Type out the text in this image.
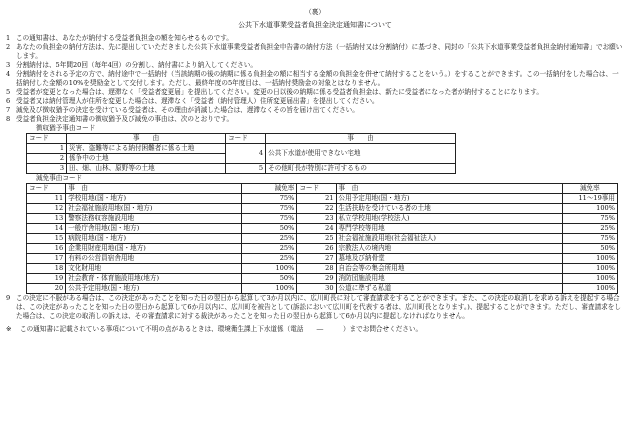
（裏）
公共下水道事業受益者負担金決定通知書について
1 この通知書は、あなたが納付する受益者負担金の額を知らせるものです。
2 あなたの負担金の納付方法は、先に提出していただきました公共下水道事業受益者負担金申告書の納付方法（一括納付又は分割納付）に基づき、同封の「公共下水道事業受益者負担金納付通知書」でお願いします。
3 分割納付は、5年間20回（毎年4回）の分割し、納付書により納入してください。
4 分割納付をされる予定の方で、納付途中で一括納付（当該納期の後の納期に係る負担金の額に相当する金額の負担金を併せて納付することをいう。）をすることができます。この一括納付をした場合は、一括納付した金額の10%を奨励金として交付します。ただし、最終年度の5年度目は、一括納付奨励金の対象とはなりません。
5 受益者が変更となった場合は、遅滞なく「受益者変更届」を提出してください。変更の日以後の納期に係る受益者負担金は、新たに受益者になった者が納付することになります。
6 受益者又は納付管理人が住所を変更した場合は、遅滞なく「受益者（納付管理人）住所変更届出書」を提出してください。
7 減免及び徴収猶予の決定を受けている受益者は、その理由が消滅した場合は、遅滞なくその旨を届け出てください。
8 受益者負担金決定通知書の徴収猶予及び減免の事由は、次のとおりです。
徴収猶予事由コード
コード	事　　由	コード	事　　由
1	災害、盗難等による納付困難者に係る土地	4	公共下水道が使用できない宅地
2	係争中の土地		
3	田、畑、山林、原野等の土地	5	その他町長が特別に許可するもの
減免事由コード
コード	事　由	減免率	コード	事　由	減免率
11	学校用地(国・地方)	75%	21	公用予定用地(国・地方)	11〜19事用
12	社会福祉施設用地(国・地方)	75%	22	生活扶助を受けている者の土地	100%
13	警察法務収容施設用地	75%	23	私立学校用地(学校法人)	75%
14	一般庁舎用地(国・地方)	50%	24	専門学校等用地	25%
15	病院用地(国・地方)	25%	25	社会福祉施設用地(社会福祉法人)	75%
16	企業用財産用地(国・地方)	25%	26	宗教法人の境内地	50%
17	有料の公営員宿舎用地	25%	27	墓地及び納骨堂	100%
18	文化財用地	100%	28	自治会等の集会所用地	100%
19	社会教育・体育施設用地(地方)	50%	29	消防団施設用地	100%
20	公共予定用地(国・地方)	100%	30	公道に準ずる私道	100%
9 この決定に不服がある場合は、この決定があったことを知った日の翌日から起算して3か月以内に、広川町長に対して審査請求をすることができます。また、この決定の取消しを求める訴えを提起する場合は、この決定があったことを知った日の翌日から起算して6か月以内に、広川町を被告として(訴訟において広川町を代表する者は、広川町長となります。)、提起することができます。ただし、審査請求をした場合は、この決定の取消しの訴えは、その審査請求に対する裁決があったことを知った日の翌日から起算して6か月以内に提起しなければなりません。
※	この通知書に記載されている事項について不明の点があるときは、環境衛生課上下水道係（電話　　―　　　）までお問合せください。
